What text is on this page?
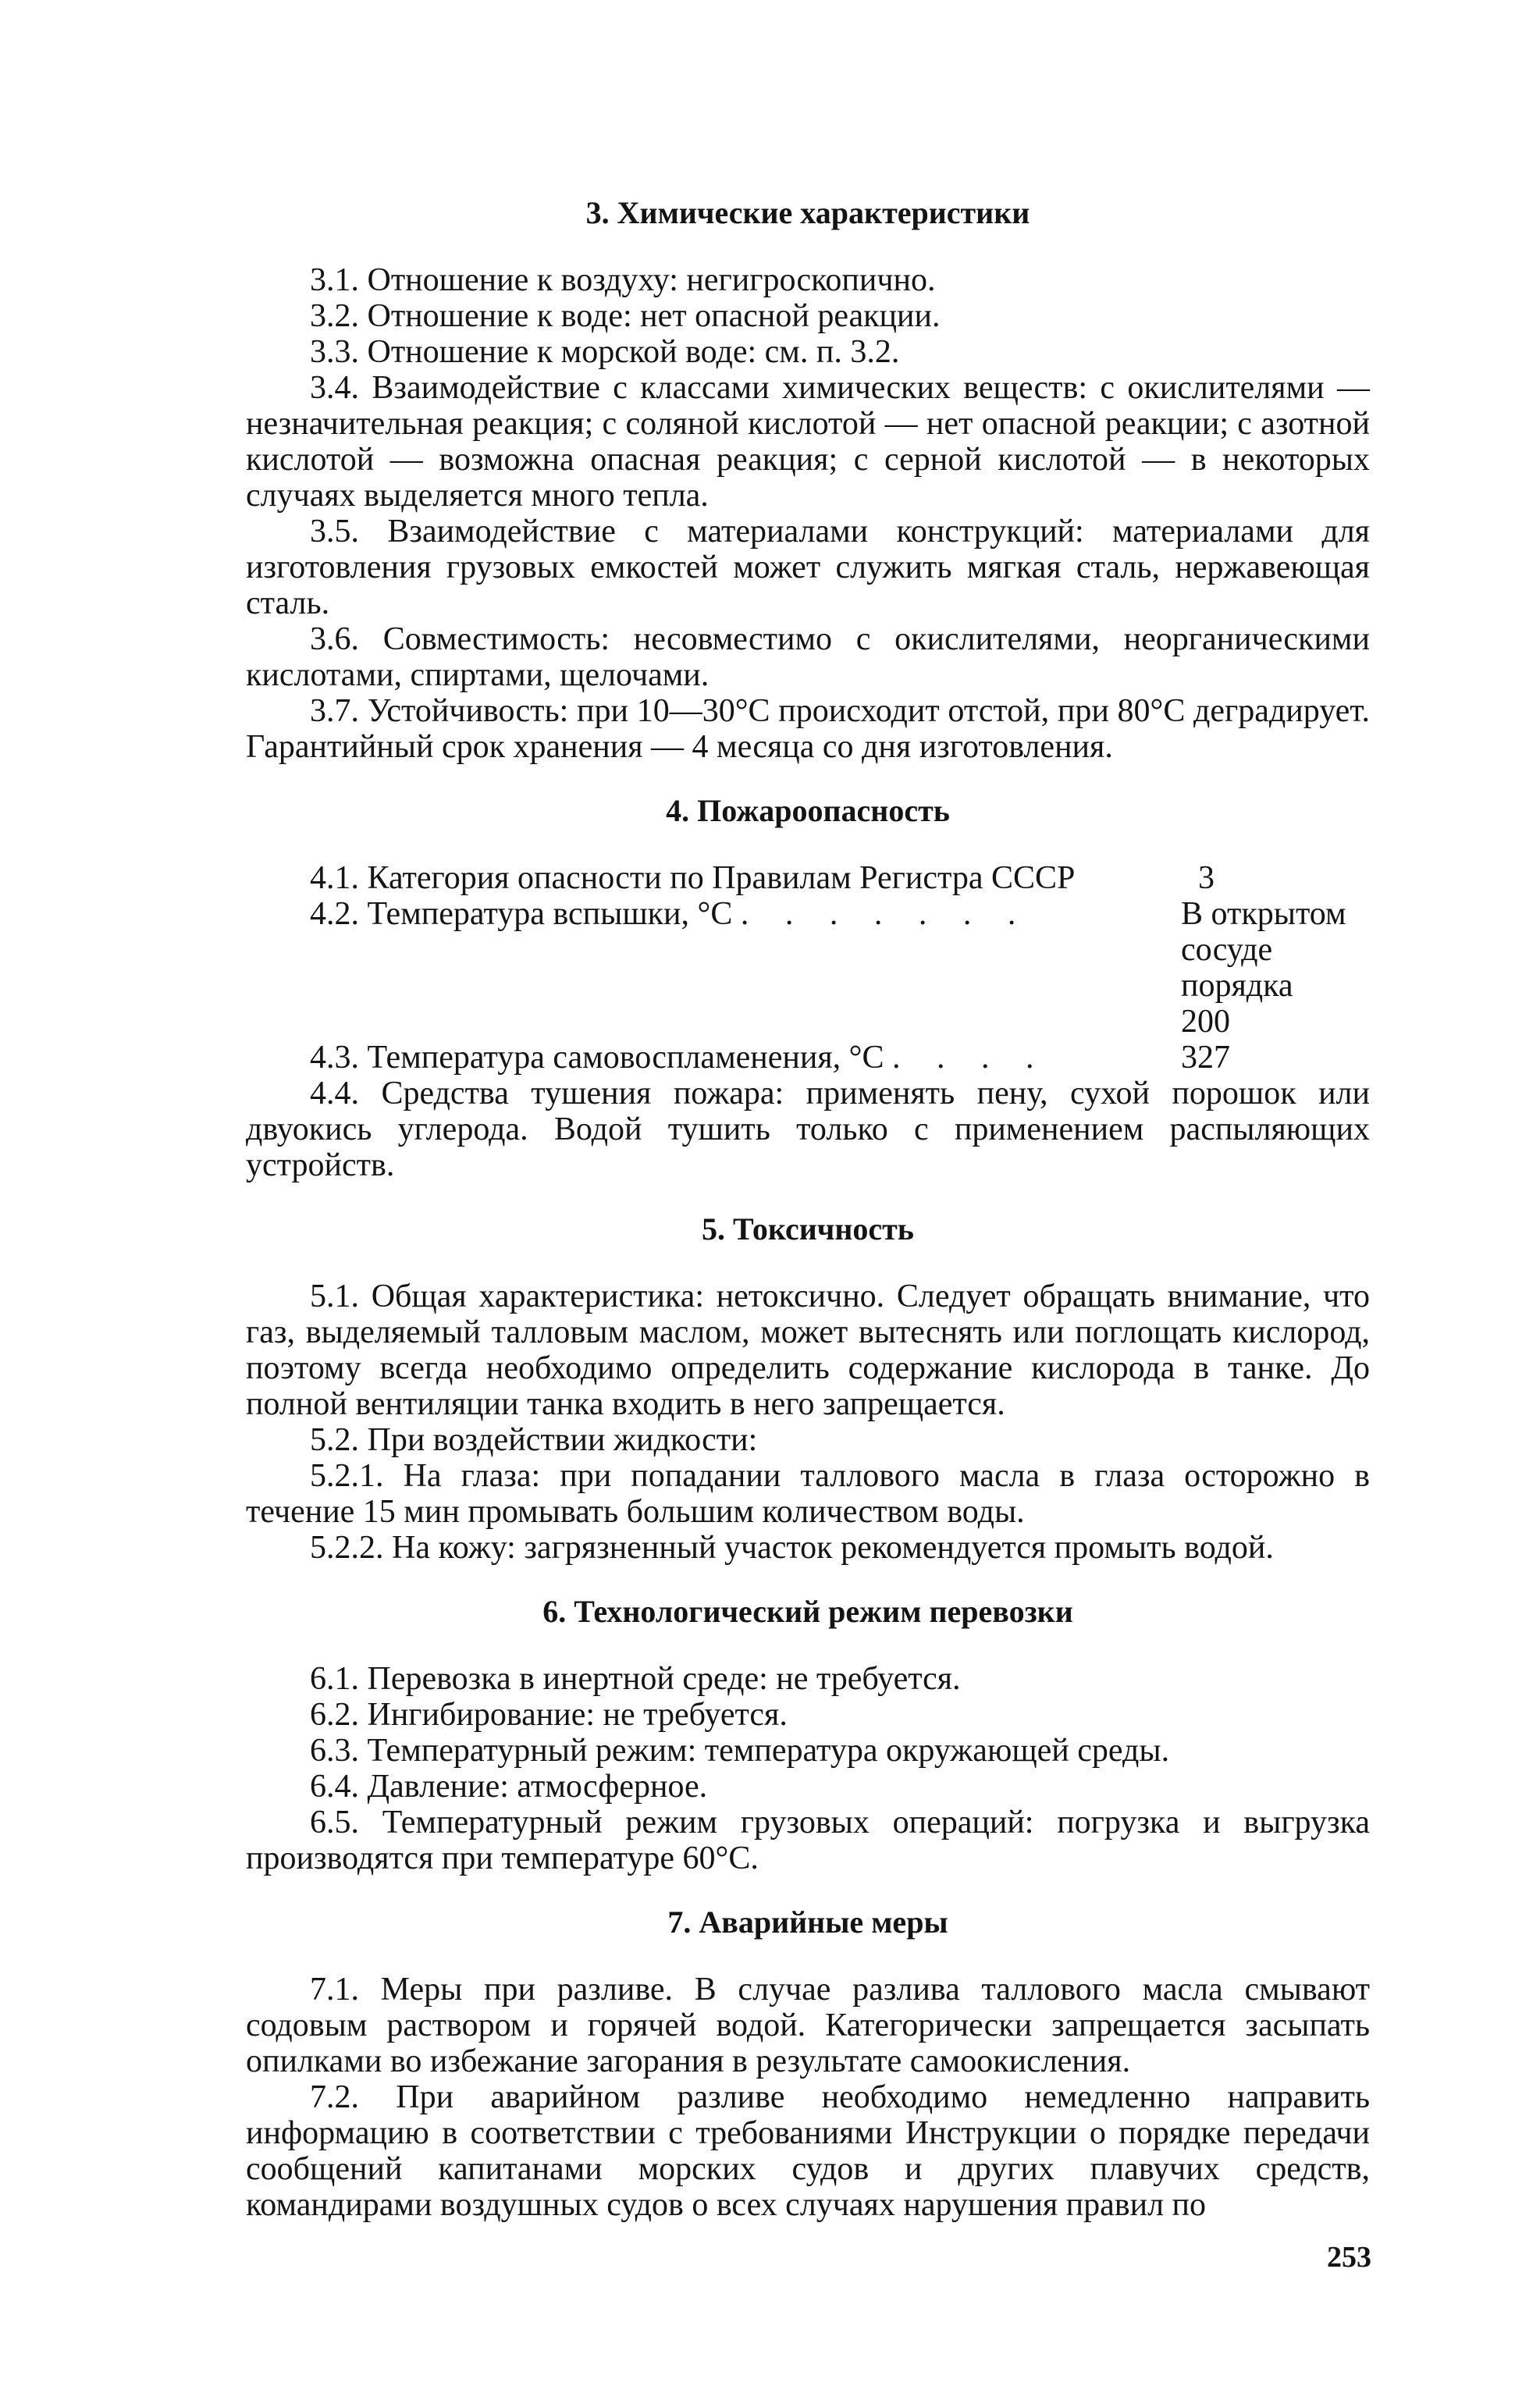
3. Химические характеристики

3.1. Отношение к воздуху: негигроскопично.

3.2. Отношение к воде: нет опасной реакции.

3.3. Отношение к морской воде: см. п. 3.2.

3.4. Взаимодействие с классами химических веществ: с окислителями — незначительная реакция; с соляной кислотой — нет опасной реакции; с азотной кислотой — возможна опасная реакция; с серной кислотой — в некоторых случаях выделяется много тепла.

3.5. Взаимодействие с материалами конструкций: материалами для изготовления грузовых емкостей может служить мягкая сталь, нержавеющая сталь.

3.6. Совместимость: несовместимо с окислителями, неорганическими кислотами, спиртами, щелочами.

3.7. Устойчивость: при 10—30°С происходит отстой, при 80°С деградирует. Гарантийный срок хранения — 4 месяца со дня изготовления.

4. Пожароопасность
4.1. Категория опасности по Правилам Регистра СССР	3
4.2. Температура вспышки, °С . . . . . . .	В открытом
сосуде
порядка
200
4.3. Температура самовоспламенения, °С . . . .	327

4.4. Средства тушения пожара: применять пену, сухой порошок или двуокись углерода. Водой тушить только с применением распыляющих устройств.

5. Токсичность

5.1. Общая характеристика: нетоксично. Следует обращать внимание, что газ, выделяемый талловым маслом, может вытеснять или поглощать кислород, поэтому всегда необходимо определить содержание кислорода в танке. До полной вентиляции танка входить в него запрещается.

5.2. При воздействии жидкости:

5.2.1. На глаза: при попадании таллового масла в глаза осторожно в течение 15 мин промывать большим количеством воды.

5.2.2. На кожу: загрязненный участок рекомендуется промыть водой.

6. Технологический режим перевозки

6.1. Перевозка в инертной среде: не требуется.

6.2. Ингибирование: не требуется.

6.3. Температурный режим: температура окружающей среды.

6.4. Давление: атмосферное.

6.5. Температурный режим грузовых операций: погрузка и выгрузка производятся при температуре 60°С.

7. Аварийные меры

7.1. Меры при разливе. В случае разлива таллового масла смывают содовым раствором и горячей водой. Категорически запрещается засыпать опилками во избежание загорания в результате самоокисления.

7.2. При аварийном разливе необходимо немедленно направить информацию в соответствии с требованиями Инструкции о порядке передачи сообщений капитанами морских судов и других плавучих средств, командирами воздушных судов о всех случаях нарушения правил по

253
